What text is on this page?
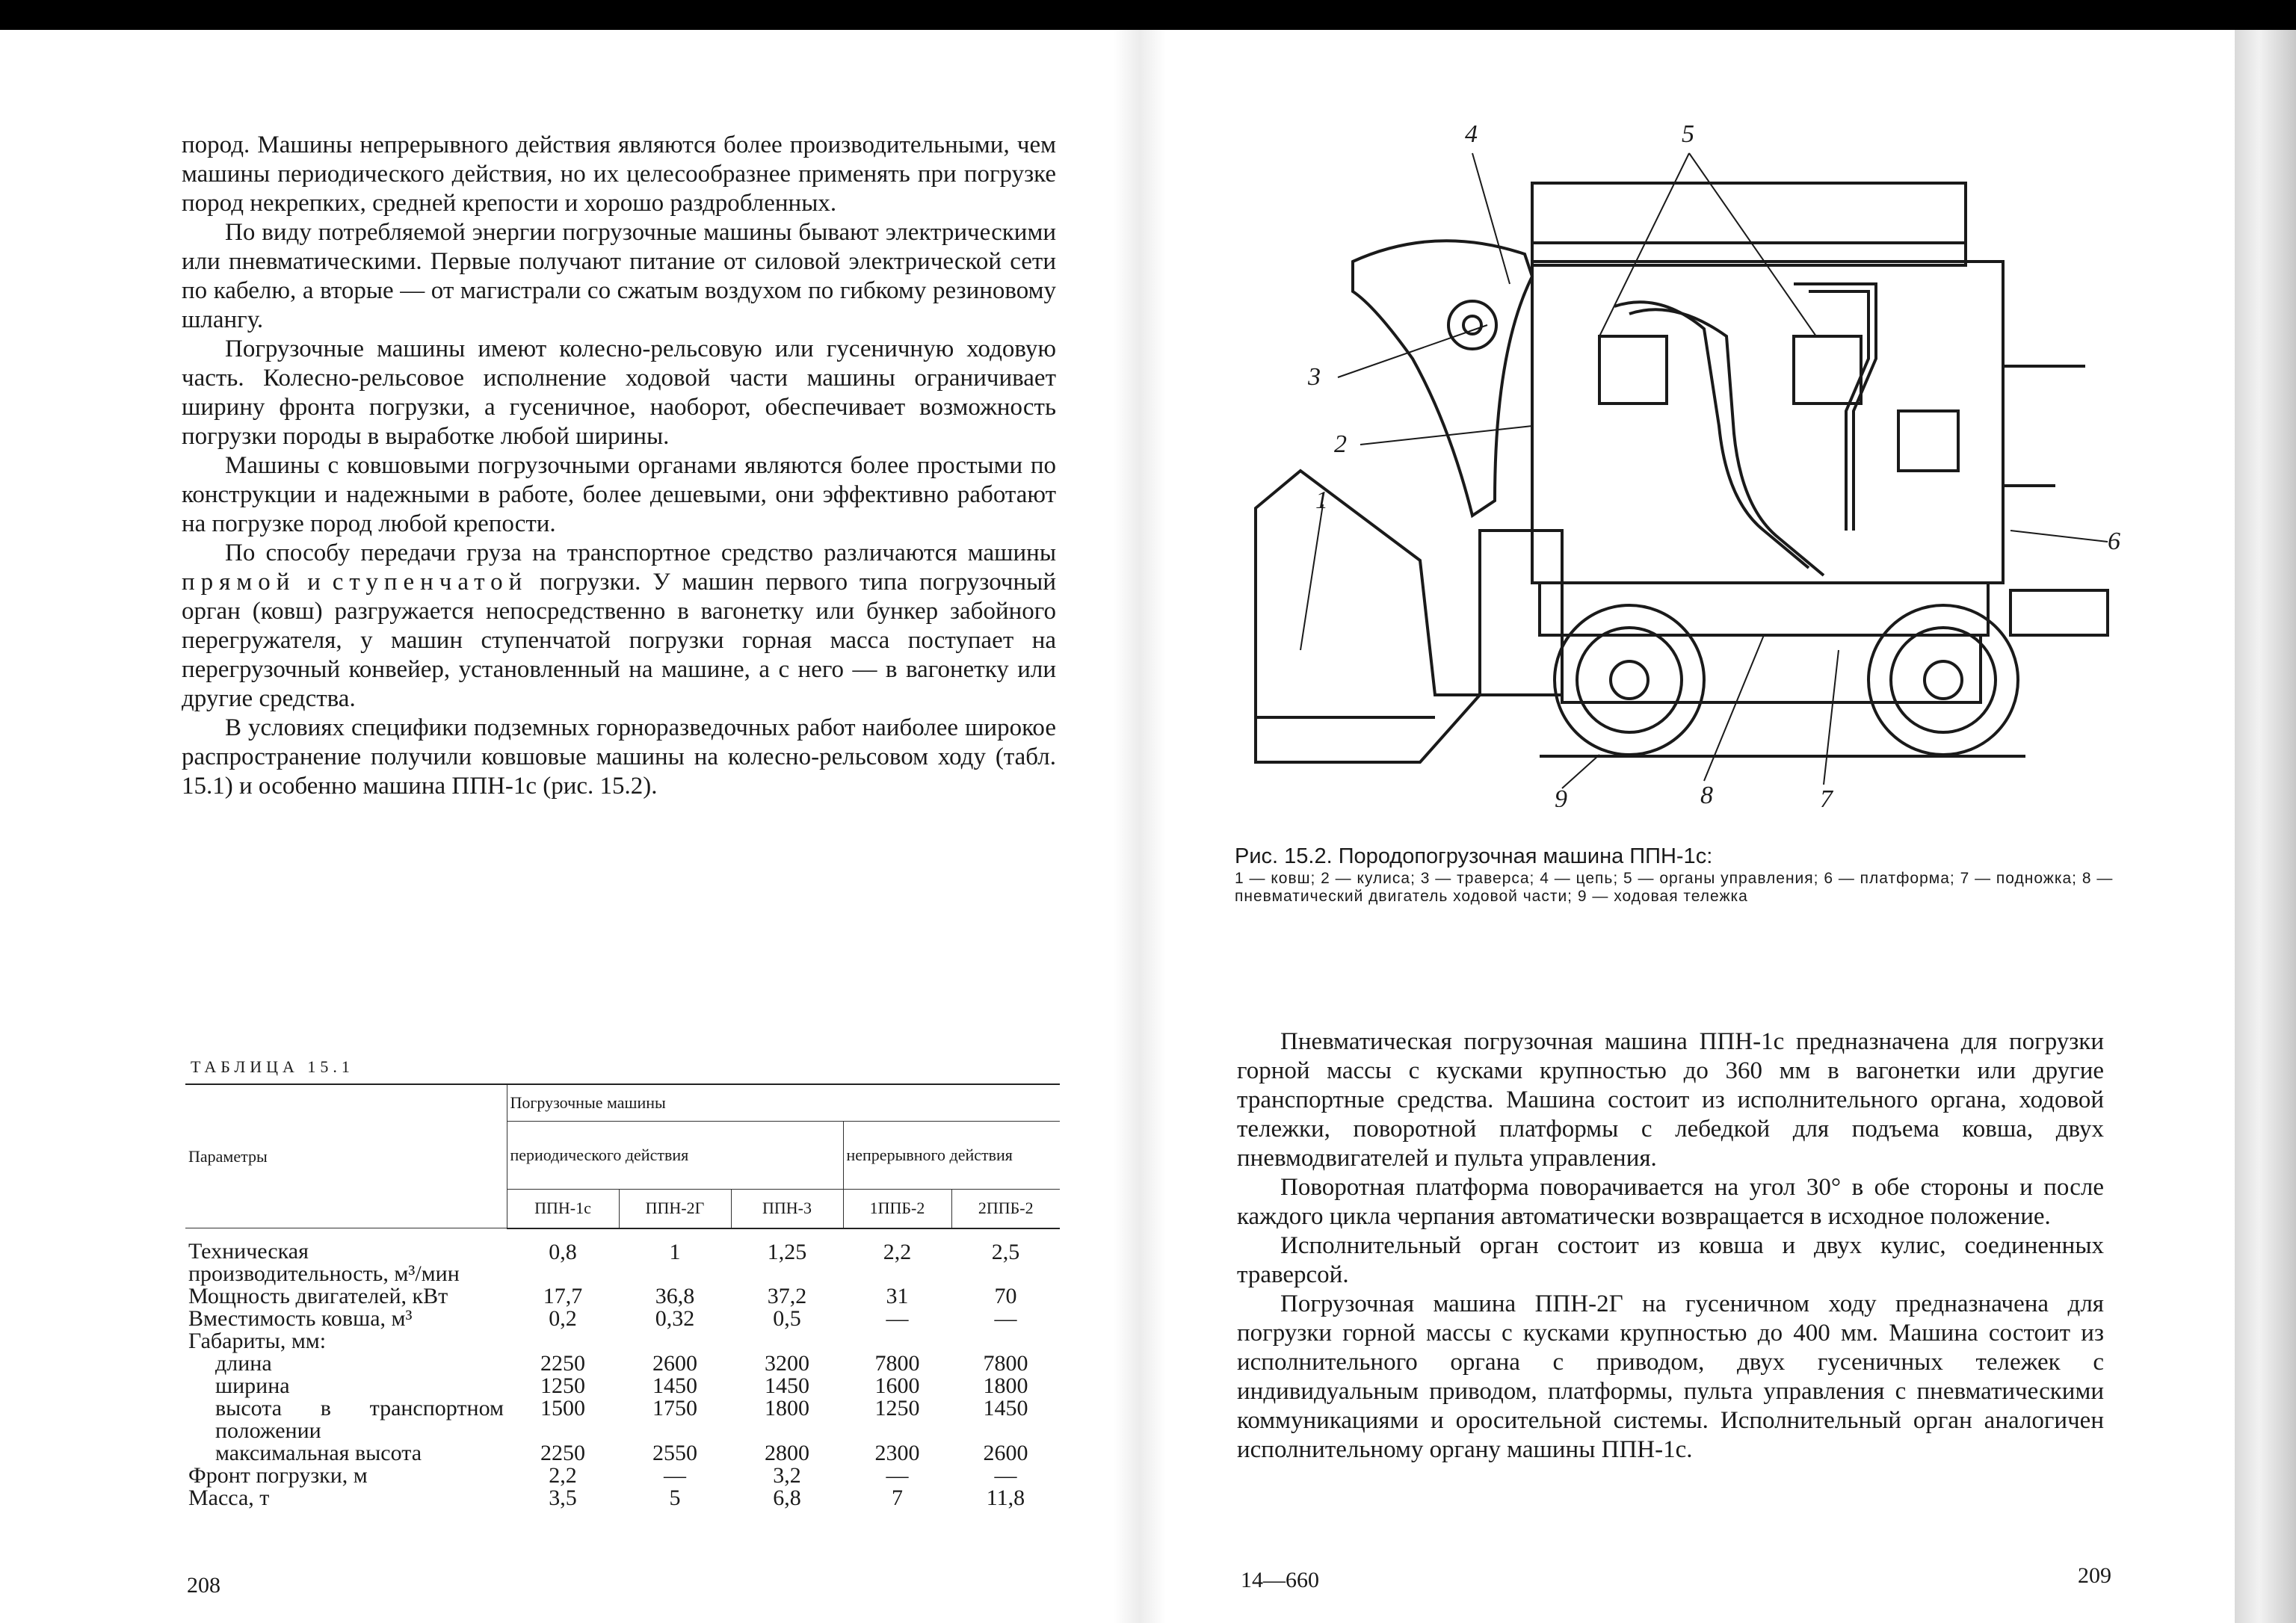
пород. Машины непрерывного действия являются более производительными, чем машины периодического действия, но их целесообразнее применять при погрузке пород некрепких, средней крепости и хорошо раздробленных.

По виду потребляемой энергии погрузочные машины бывают электрическими или пневматическими. Первые получают питание от силовой электрической сети по кабелю, а вторые — от магистрали со сжатым воздухом по гибкому резиновому шлангу.

Погрузочные машины имеют колесно-рельсовую или гусеничную ходовую часть. Колесно-рельсовое исполнение ходовой части машины ограничивает ширину фронта погрузки, а гусеничное, наоборот, обеспечивает возможность погрузки породы в выработке любой ширины.

Машины с ковшовыми погрузочными органами являются более простыми по конструкции и надежными в работе, более дешевыми, они эффективно работают на погрузке пород любой крепости.

По способу передачи груза на транспортное средство различаются машины прямой и ступенчатой погрузки. У машин первого типа погрузочный орган (ковш) разгружается непосредственно в вагонетку или бункер забойного перегружателя, у машин ступенчатой погрузки горная масса поступает на перегрузочный конвейер, установленный на машине, а с него — в вагонетку или другие средства.

В условиях специфики подземных горноразведочных работ наиболее широкое распространение получили ковшовые машины на колесно-рельсовом ходу (табл. 15.1) и особенно машина ППН-1с (рис. 15.2).

ТАБЛИЦА 15.1
Параметры	Погрузочные машины				
	периодического действия			непрерывного действия	
	ППН-1с	ППН-2Г	ППН-3	1ППБ-2	2ППБ-2
Техническая производительность, м³/мин	0,8	1	1,25	2,2	2,5
Мощность двигателей, кВт	17,7	36,8	37,2	31	70
Вместимость ковша, м³	0,2	0,32	0,5	—	—
Габариты, мм:					
длина	2250	2600	3200	7800	7800
ширина	1250	1450	1450	1600	1800
высота в транспортном положении	1500	1750	1800	1250	1450
максимальная высота	2250	2550	2800	2300	2600
Фронт погрузки, м	2,2	—	3,2	—	—
Масса, т	3,5	5	6,8	7	11,8
208
1
2
3
4	5
6
7
8
9
Рис. 15.2. Породопогрузочная машина ППН-1с:
1 — ковш; 2 — кулиса; 3 — траверса; 4 — цепь; 5 — органы управления; 6 — платформа; 7 — подножка; 8 — пневматический двигатель ходовой части; 9 — ходовая тележка

Пневматическая погрузочная машина ППН-1с предназначена для погрузки горной массы с кусками крупностью до 360 мм в вагонетки или другие транспортные средства. Машина состоит из исполнительного органа, ходовой тележки, поворотной платформы с лебедкой для подъема ковша, двух пневмодвигателей и пульта управления.

Поворотная платформа поворачивается на угол 30° в обе стороны и после каждого цикла черпания автоматически возвращается в исходное положение.

Исполнительный орган состоит из ковша и двух кулис, соединенных траверсой.

Погрузочная машина ППН-2Г на гусеничном ходу предназначена для погрузки горной массы с кусками крупностью до 400 мм. Машина состоит из исполнительного органа с приводом, двух гусеничных тележек с индивидуальным приводом, платформы, пульта управления с пневматическими коммуникациями и оросительной системы. Исполнительный орган аналогичен исполнительному органу машины ППН-1с.

14—660	209
